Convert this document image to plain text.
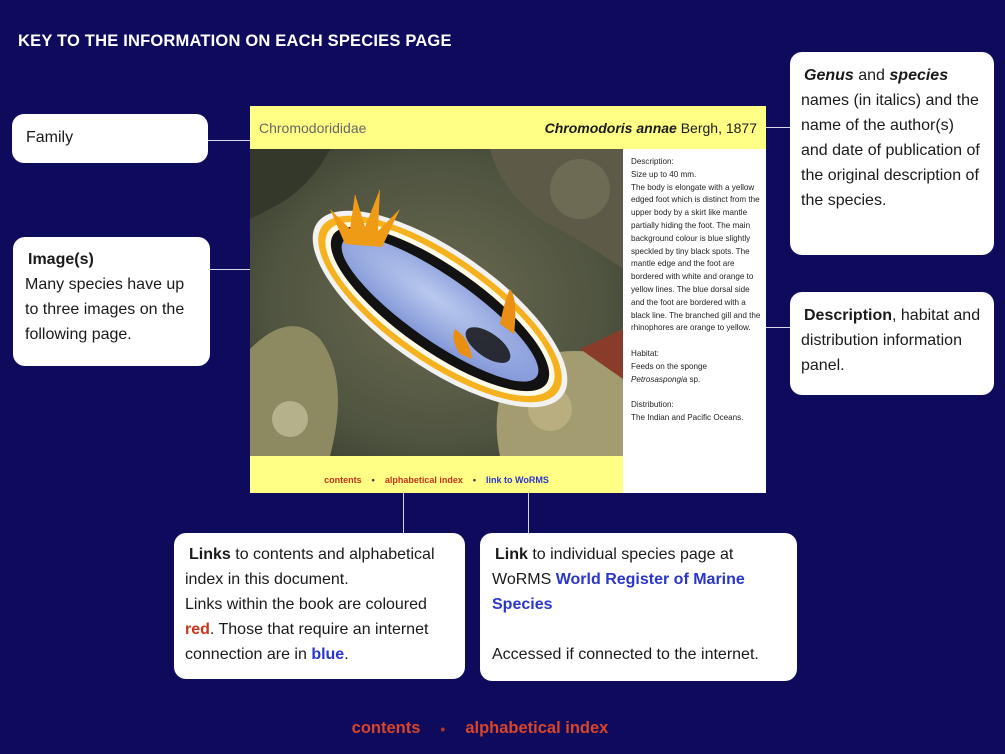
KEY TO THE INFORMATION ON EACH SPECIES PAGE
Family
Image(s)
Many species have up to three images on the following page.
Genus and species
names (in italics) and the name of the author(s) and date of publication of the original description of the species.
Description, habitat and distribution information panel.
Links to contents and alphabetical index in this document.
Links within the book are coloured
red. Those that require an internet connection are in blue.
Link to individual species page at WoRMS World Register of Marine Species
Accessed if connected to the internet.
Chromodorididae	Chromodoris annae Bergh, 1877
contents • alphabetical index • link to WoRMS
Description:
Size up to 40 mm.

The body is elongate with a yellow edged foot which is distinct from the upper body by a skirt like mantle partially hiding the foot. The main background colour is blue slightly speckled by tiny black spots. The mantle edge and the foot are bordered with white and orange to yellow lines. The blue dorsal side and the foot are bordered with a black line. The branched gill and the rhinophores are orange to yellow.

Habitat:
Feeds on the sponge

Petrosaspongia sp.

Distribution:
The Indian and Pacific Oceans.
contents • alphabetical index
